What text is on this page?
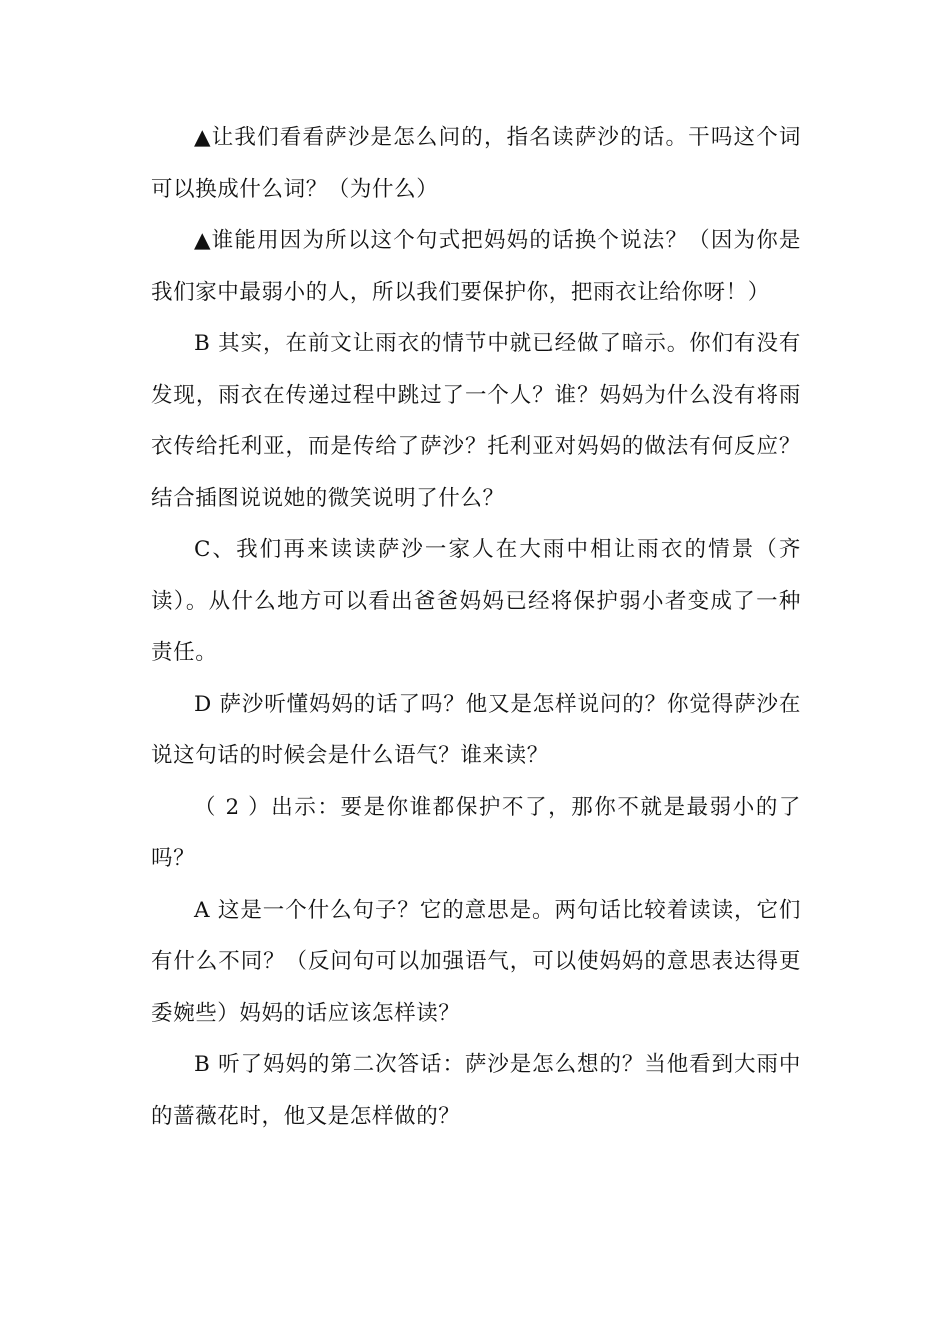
▲让我们看看萨沙是怎么问的，指名读萨沙的话。干吗这个词可以换成什么词？（为什么）

▲谁能用因为所以这个句式把妈妈的话换个说法？（因为你是我们家中最弱小的人，所以我们要保护你，把雨衣让给你呀！）

B 其实，在前文让雨衣的情节中就已经做了暗示。你们有没有发现，雨衣在传递过程中跳过了一个人？谁？妈妈为什么没有将雨衣传给托利亚，而是传给了萨沙？托利亚对妈妈的做法有何反应？结合插图说说她的微笑说明了什么？

C、我们再来读读萨沙一家人在大雨中相让雨衣的情景（齐读）。从什么地方可以看出爸爸妈妈已经将保护弱小者变成了一种责任。

D 萨沙听懂妈妈的话了吗？他又是怎样说问的？你觉得萨沙在说这句话的时候会是什么语气？谁来读？

（ 2 ）出示：要是你谁都保护不了，那你不就是最弱小的了吗？

A 这是一个什么句子？它的意思是。两句话比较着读读，它们有什么不同？（反问句可以加强语气，可以使妈妈的意思表达得更委婉些）妈妈的话应该怎样读？

B 听了妈妈的第二次答话：萨沙是怎么想的？当他看到大雨中的蔷薇花时，他又是怎样做的？
